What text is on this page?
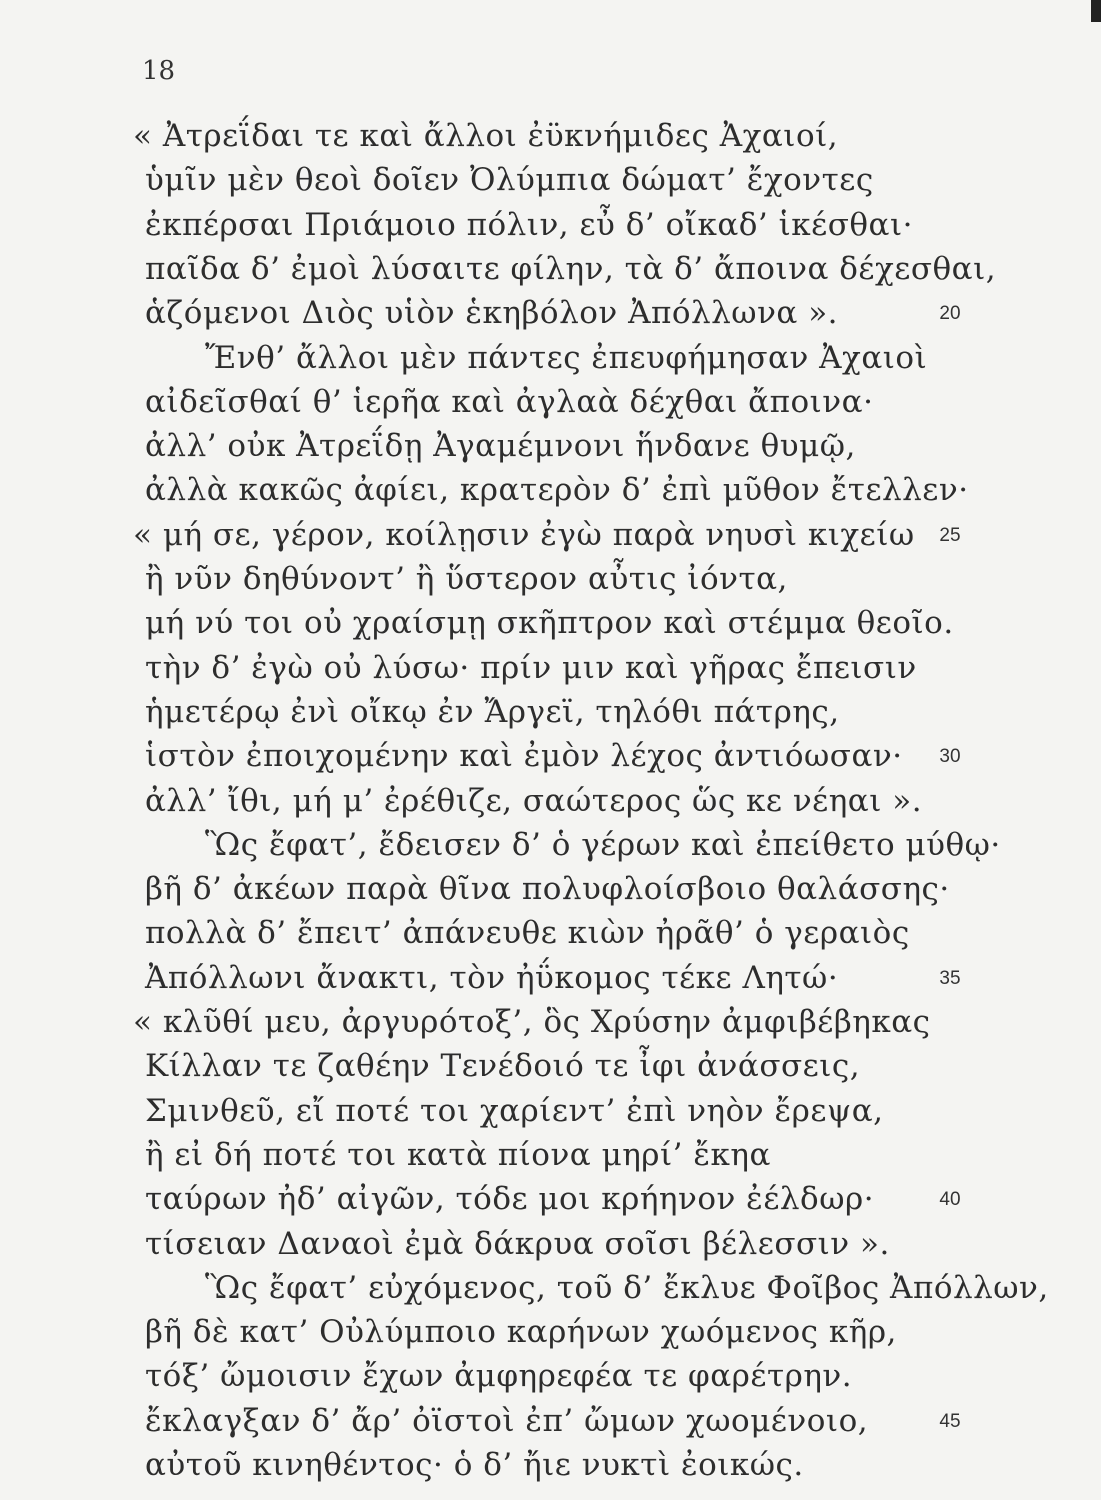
18
« Ἀτρεΐδαι τε καὶ ἄλλοι ἐϋκνήμιδες Ἀχαιοί,
ὑμῖν μὲν θεοὶ δοῖεν Ὀλύμπια δώματ’ ἔχοντες
ἐκπέρσαι Πριάμοιο πόλιν, εὖ δ’ οἴκαδ’ ἱκέσθαι·
παῖδα δ’ ἐμοὶ λύσαιτε φίλην, τὰ δ’ ἄποινα δέχεσθαι,
ἁζόμενοι Διὸς υἱὸν ἑκηβόλον Ἀπόλλωνα ».
Ἔνθ’ ἄλλοι μὲν πάντες ἐπευφήμησαν Ἀχαιοὶ
αἰδεῖσθαί θ’ ἱερῆα καὶ ἀγλαὰ δέχθαι ἄποινα·
ἀλλ’ οὐκ Ἀτρεΐδῃ Ἀγαμέμνονι ἥνδανε θυμῷ,
ἀλλὰ κακῶς ἀφίει, κρατερὸν δ’ ἐπὶ μῦθον ἔτελλεν·
« μή σε, γέρον, κοίλῃσιν ἐγὼ παρὰ νηυσὶ κιχείω
ἢ νῦν δηθύνοντ’ ἢ ὕστερον αὖτις ἰόντα,
μή νύ τοι οὐ χραίσμῃ σκῆπτρον καὶ στέμμα θεοῖο.
τὴν δ’ ἐγὼ οὐ λύσω· πρίν μιν καὶ γῆρας ἔπεισιν
ἡμετέρῳ ἐνὶ οἴκῳ ἐν Ἄργεϊ, τηλόθι πάτρης,
ἱστὸν ἐποιχομένην καὶ ἐμὸν λέχος ἀντιόωσαν·
ἀλλ’ ἴθι, μή μ’ ἐρέθιζε, σαώτερος ὥς κε νέηαι ».
Ὣς ἔφατ’, ἔδεισεν δ’ ὁ γέρων καὶ ἐπείθετο μύθῳ·
βῆ δ’ ἀκέων παρὰ θῖνα πολυφλοίσβοιο θαλάσσης·
πολλὰ δ’ ἔπειτ’ ἀπάνευθε κιὼν ἠρᾶθ’ ὁ γεραιὸς
Ἀπόλλωνι ἄνακτι, τὸν ἠΰκομος τέκε Λητώ·
« κλῦθί μευ, ἀργυρότοξ’, ὃς Χρύσην ἀμφιβέβηκας
Κίλλαν τε ζαθέην Τενέδοιό τε ἶφι ἀνάσσεις,
Σμινθεῦ, εἴ ποτέ τοι χαρίεντ’ ἐπὶ νηὸν ἔρεψα,
ἢ εἰ δή ποτέ τοι κατὰ πίονα μηρί’ ἔκηα
ταύρων ἠδ’ αἰγῶν, τόδε μοι κρήηνον ἐέλδωρ·
τίσειαν Δαναοὶ ἐμὰ δάκρυα σοῖσι βέλεσσιν ».
Ὣς ἔφατ’ εὐχόμενος, τοῦ δ’ ἔκλυε Φοῖβος Ἀπόλλων,
βῆ δὲ κατ’ Οὐλύμποιο καρήνων χωόμενος κῆρ,
τόξ’ ὤμοισιν ἔχων ἀμφηρεφέα τε φαρέτρην.
ἔκλαγξαν δ’ ἄρ’ ὀϊστοὶ ἐπ’ ὤμων χωομένοιο,
αὐτοῦ κινηθέντος· ὁ δ’ ἤιε νυκτὶ ἐοικώς.
20
25
30
35
40
45
